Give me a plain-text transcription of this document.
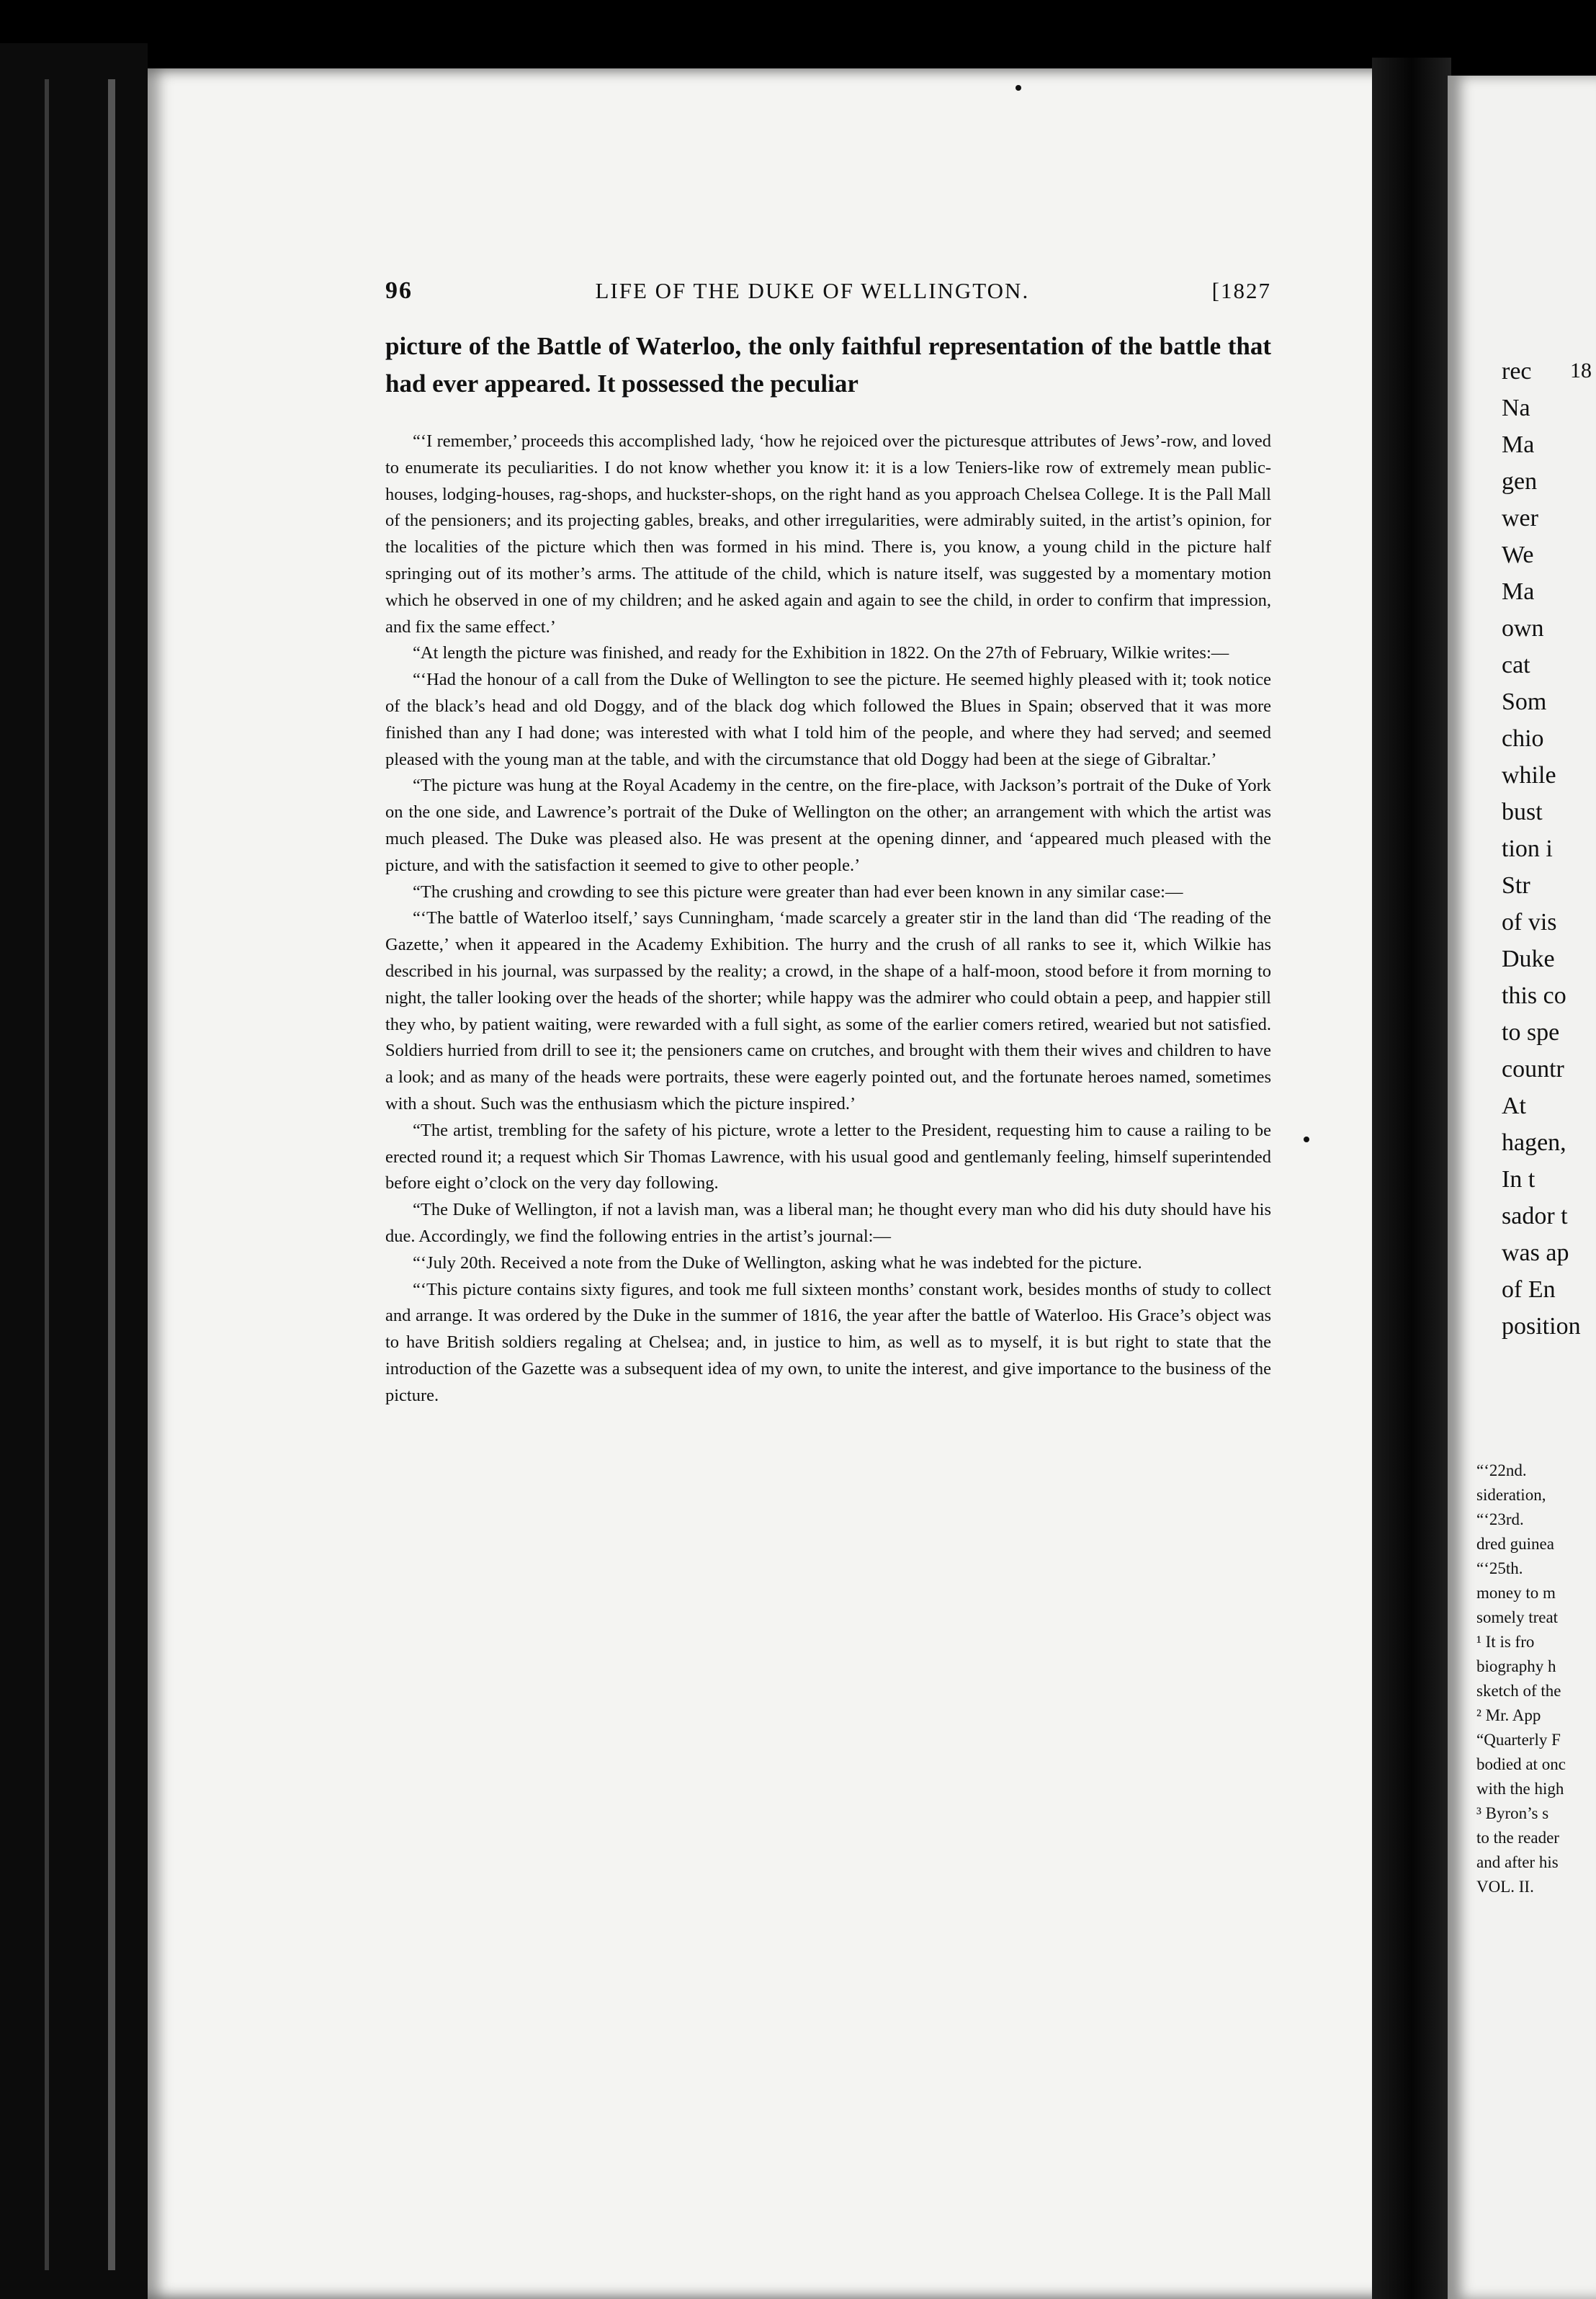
18
rec
Na
Ma
gen
wer
We
Ma
own
cat
Som
chio
while
bust
tion i
Str
of vis
Duke
this co
to spe
countr
At
hagen,
In t
sador t
was ap
of En
position
“‘22nd.
sideration,
“‘23rd.
dred guinea
“‘25th.
money to m
somely treat
¹ It is fro
biography h
sketch of the
² Mr. App
“Quarterly F
bodied at onc
with the high
³ Byron’s s
to the reader
and after his
VOL. II.
96	LIFE OF THE DUKE OF WELLINGTON.	[1827
picture of the Battle of Waterloo, the only faithful representation of the battle that had ever appeared. It possessed the peculiar

“‘I remember,’ proceeds this accomplished lady, ‘how he rejoiced over the picturesque attributes of Jews’-row, and loved to enumerate its peculiarities. I do not know whether you know it: it is a low Teniers-like row of extremely mean public-houses, lodging-houses, rag-shops, and huckster-shops, on the right hand as you approach Chelsea College. It is the Pall Mall of the pensioners; and its projecting gables, breaks, and other irregularities, were admirably suited, in the artist’s opinion, for the localities of the picture which then was formed in his mind. There is, you know, a young child in the picture half springing out of its mother’s arms. The attitude of the child, which is nature itself, was suggested by a momentary motion which he observed in one of my children; and he asked again and again to see the child, in order to confirm that impression, and fix the same effect.’

“At length the picture was finished, and ready for the Exhibition in 1822. On the 27th of February, Wilkie writes:—

“‘Had the honour of a call from the Duke of Wellington to see the picture. He seemed highly pleased with it; took notice of the black’s head and old Doggy, and of the black dog which followed the Blues in Spain; observed that it was more finished than any I had done; was interested with what I told him of the people, and where they had served; and seemed pleased with the young man at the table, and with the circumstance that old Doggy had been at the siege of Gibraltar.’

“The picture was hung at the Royal Academy in the centre, on the fire-place, with Jackson’s portrait of the Duke of York on the one side, and Lawrence’s portrait of the Duke of Wellington on the other; an arrangement with which the artist was much pleased. The Duke was pleased also. He was present at the opening dinner, and ‘appeared much pleased with the picture, and with the satisfaction it seemed to give to other people.’

“The crushing and crowding to see this picture were greater than had ever been known in any similar case:—

“‘The battle of Waterloo itself,’ says Cunningham, ‘made scarcely a greater stir in the land than did ‘The reading of the Gazette,’ when it appeared in the Academy Exhibition. The hurry and the crush of all ranks to see it, which Wilkie has described in his journal, was surpassed by the reality; a crowd, in the shape of a half-moon, stood before it from morning to night, the taller looking over the heads of the shorter; while happy was the admirer who could obtain a peep, and happier still they who, by patient waiting, were rewarded with a full sight, as some of the earlier comers retired, wearied but not satisfied. Soldiers hurried from drill to see it; the pensioners came on crutches, and brought with them their wives and children to have a look; and as many of the heads were portraits, these were eagerly pointed out, and the fortunate heroes named, sometimes with a shout. Such was the enthusiasm which the picture inspired.’

“The artist, trembling for the safety of his picture, wrote a letter to the President, requesting him to cause a railing to be erected round it; a request which Sir Thomas Lawrence, with his usual good and gentlemanly feeling, himself superintended before eight o’clock on the very day following.

“The Duke of Wellington, if not a lavish man, was a liberal man; he thought every man who did his duty should have his due. Accordingly, we find the following entries in the artist’s journal:—

“‘July 20th. Received a note from the Duke of Wellington, asking what he was indebted for the picture.

“‘This picture contains sixty figures, and took me full sixteen months’ constant work, besides months of study to collect and arrange. It was ordered by the Duke in the summer of 1816, the year after the battle of Waterloo. His Grace’s object was to have British soldiers regaling at Chelsea; and, in justice to him, as well as to myself, it is but right to state that the introduction of the Gazette was a subsequent idea of my own, to unite the interest, and give importance to the business of the picture.
